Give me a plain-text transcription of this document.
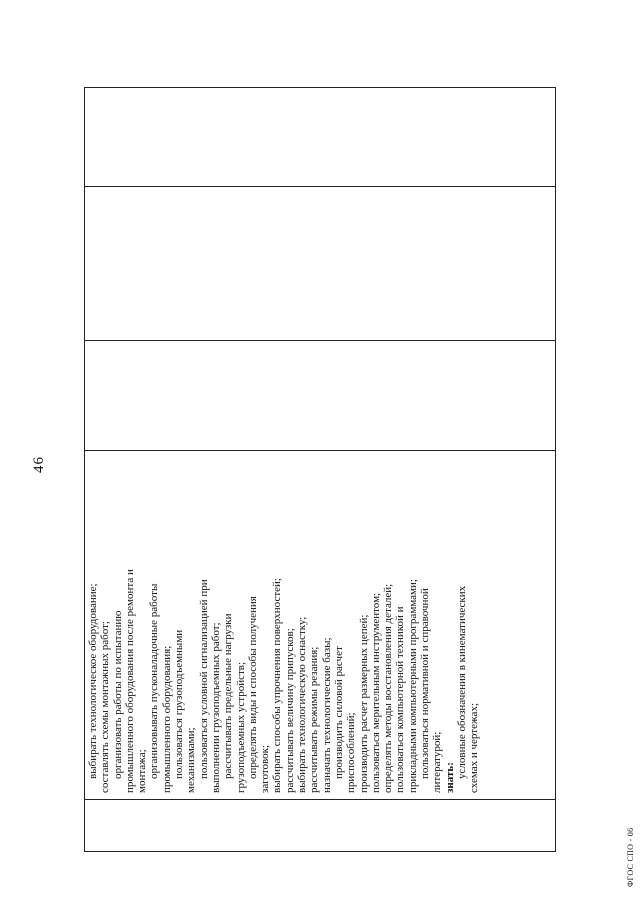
46
выбирать технологическое оборудование; составлять схемы монтажных работ; организовать работы по испытанию промышленного оборудования после ремонта и монтажа; организовывать пусконаладочные работы промышленного оборудования; пользоваться грузоподъемными механизмами; пользоваться условной сигнализацией при выполнении грузоподъемных работ; рассчитывать предельные нагрузки грузоподъемных устройств; определять виды и способы получения заготовок; выбирать способы упрочнения поверхностей; рассчитывать величину припусков; выбирать технологическую оснастку; рассчитывать режимы резания; назначать технологические базы; производить силовой расчет приспособлений; производить расчет размерных цепей; пользоваться мерительным инструментом; определять методы восстановления деталей; пользоваться компьютерной техникой и прикладными компьютерными программами; пользоваться нормативной и справочной литературой; знать: условные обозначения в кинематических схемах и чертежах;
ФГОС СПО - 06
